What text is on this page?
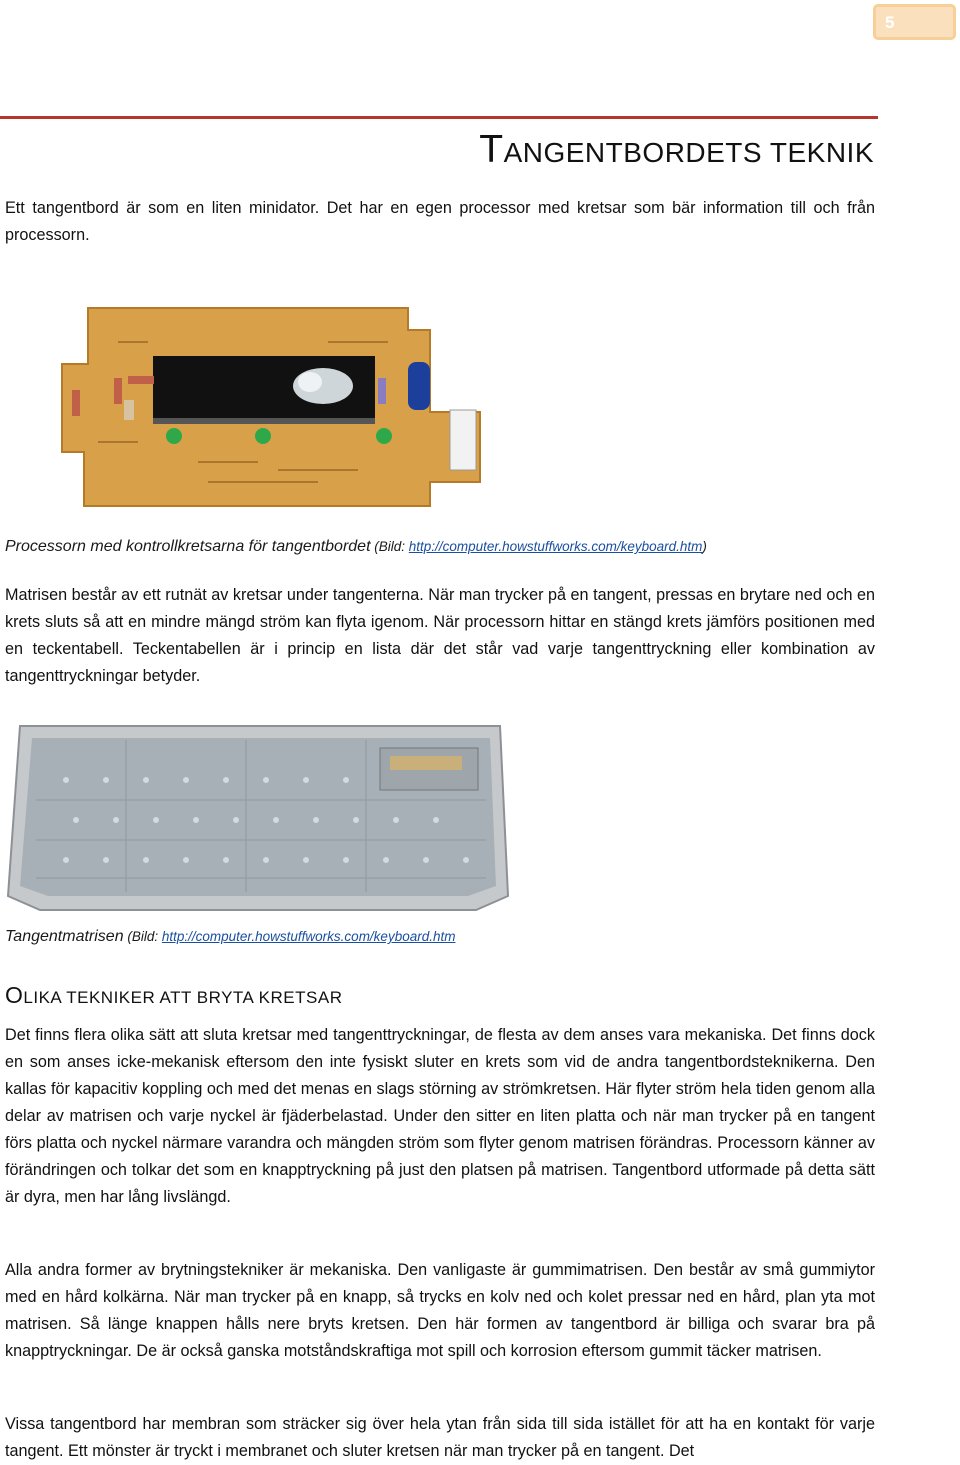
5
TANGENTBORDETS TEKNIK

Ett tangentbord är som en liten minidator. Det har en egen processor med kretsar som bär information till och från processorn.

Processorn med kontrollkretsarna för tangentbordet (Bild: http://computer.howstuffworks.com/keyboard.htm)

Matrisen består av ett rutnät av kretsar under tangenterna. När man trycker på en tangent, pressas en brytare ned och en krets sluts så att en mindre mängd ström kan flyta igenom. När processorn hittar en stängd krets jämförs positionen med en teckentabell. Teckentabellen är i princip en lista där det står vad varje tangenttryckning eller kombination av tangenttryckningar betyder.

Tangentmatrisen (Bild: http://computer.howstuffworks.com/keyboard.htm

OLIKA TEKNIKER ATT BRYTA KRETSAR

Det finns flera olika sätt att sluta kretsar med tangenttryckningar, de flesta av dem anses vara mekaniska. Det finns dock en som anses icke-mekanisk eftersom den inte fysiskt sluter en krets som vid de andra tangentbordsteknikerna. Den kallas för kapacitiv koppling och med det menas en slags störning av strömkretsen. Här flyter ström hela tiden genom alla delar av matrisen och varje nyckel är fjäderbelastad. Under den sitter en liten platta och när man trycker på en tangent förs platta och nyckel närmare varandra och mängden ström som flyter genom matrisen förändras. Processorn känner av förändringen och tolkar det som en knapptryckning på just den platsen på matrisen. Tangentbord utformade på detta sätt är dyra, men har lång livslängd.

Alla andra former av brytningstekniker är mekaniska. Den vanligaste är gummimatrisen. Den består av små gummiytor med en hård kolkärna. När man trycker på en knapp, så trycks en kolv ned och kolet pressar ned en hård, plan yta mot matrisen. Så länge knappen hålls nere bryts kretsen. Den här formen av tangentbord är billiga och svarar bra på knapptryckningar. De är också ganska motståndskraftiga mot spill och korrosion eftersom gummit täcker matrisen.

Vissa tangentbord har membran som sträcker sig över hela ytan från sida till sida istället för att ha en kontakt för varje tangent. Ett mönster är tryckt i membranet och sluter kretsen när man trycker på en tangent. Det
